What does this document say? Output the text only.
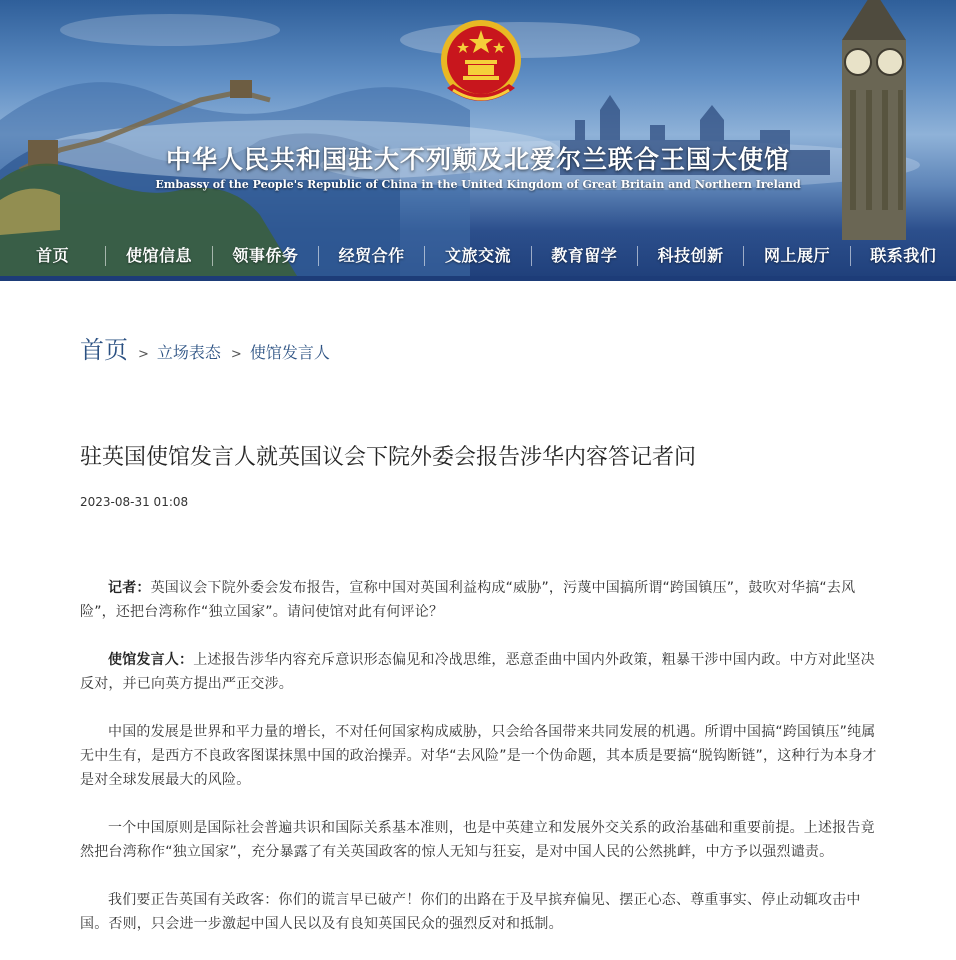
中华人民共和国驻大不列颠及北爱尔兰联合王国大使馆
Embassy of the People's Republic of China in the United Kingdom of Great Britain and Northern Ireland
首页	使馆信息	领事侨务	经贸合作	文旅交流	教育留学	科技创新	网上展厅	联系我们
首页 > 立场表态 > 使馆发言人
驻英国使馆发言人就英国议会下院外委会报告涉华内容答记者问
2023-08-31 01:08

记者：英国议会下院外委会发布报告，宣称中国对英国利益构成“威胁”，污蔑中国搞所谓“跨国镇压”，鼓吹对华搞“去风险”，还把台湾称作“独立国家”。请问使馆对此有何评论？

使馆发言人：上述报告涉华内容充斥意识形态偏见和冷战思维，恶意歪曲中国内外政策，粗暴干涉中国内政。中方对此坚决反对，并已向英方提出严正交涉。

中国的发展是世界和平力量的增长，不对任何国家构成威胁，只会给各国带来共同发展的机遇。所谓中国搞“跨国镇压”纯属无中生有，是西方不良政客图谋抹黑中国的政治操弄。对华“去风险”是一个伪命题，其本质是要搞“脱钩断链”，这种行为本身才是对全球发展最大的风险。

一个中国原则是国际社会普遍共识和国际关系基本准则，也是中英建立和发展外交关系的政治基础和重要前提。上述报告竟然把台湾称作“独立国家”，充分暴露了有关英国政客的惊人无知与狂妄，是对中国人民的公然挑衅，中方予以强烈谴责。

我们要正告英国有关政客：你们的谎言早已破产！你们的出路在于及早摈弃偏见、摆正心态、尊重事实、停止动辄攻击中国。否则，只会进一步激起中国人民以及有良知英国民众的强烈反对和抵制。
